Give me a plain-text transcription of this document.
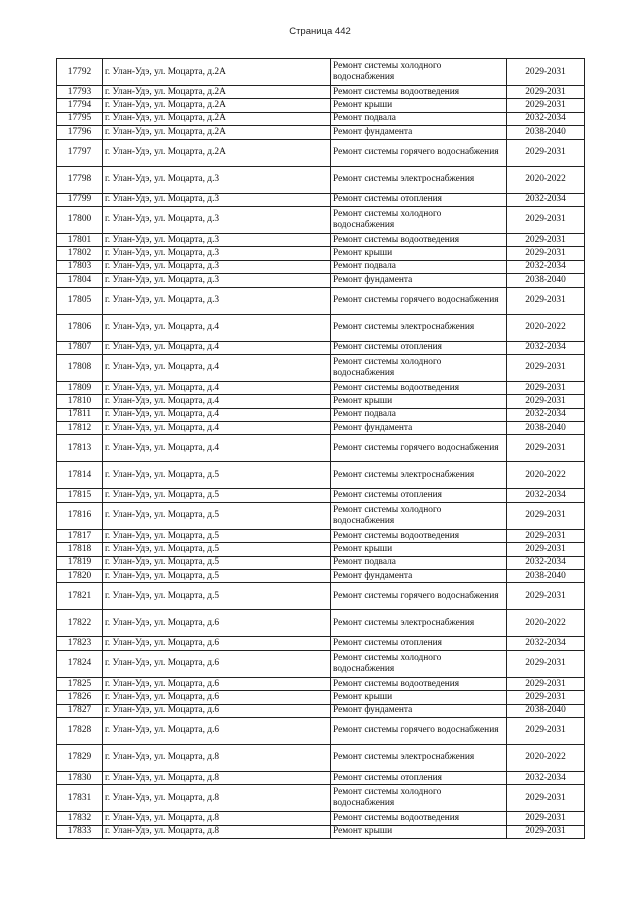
Страница 442
17792	г. Улан-Удэ, ул. Моцарта, д.2А	Ремонт системы холодного водоснабжения	2029-2031
17793	г. Улан-Удэ, ул. Моцарта, д.2А	Ремонт системы водоотведения	2029-2031
17794	г. Улан-Удэ, ул. Моцарта, д.2А	Ремонт крыши	2029-2031
17795	г. Улан-Удэ, ул. Моцарта, д.2А	Ремонт подвала	2032-2034
17796	г. Улан-Удэ, ул. Моцарта, д.2А	Ремонт фундамента	2038-2040
17797	г. Улан-Удэ, ул. Моцарта, д.2А	Ремонт системы горячего водоснабжения	2029-2031
17798	г. Улан-Удэ, ул. Моцарта, д.3	Ремонт системы электроснабжения	2020-2022
17799	г. Улан-Удэ, ул. Моцарта, д.3	Ремонт системы отопления	2032-2034
17800	г. Улан-Удэ, ул. Моцарта, д.3	Ремонт системы холодного водоснабжения	2029-2031
17801	г. Улан-Удэ, ул. Моцарта, д.3	Ремонт системы водоотведения	2029-2031
17802	г. Улан-Удэ, ул. Моцарта, д.3	Ремонт крыши	2029-2031
17803	г. Улан-Удэ, ул. Моцарта, д.3	Ремонт подвала	2032-2034
17804	г. Улан-Удэ, ул. Моцарта, д.3	Ремонт фундамента	2038-2040
17805	г. Улан-Удэ, ул. Моцарта, д.3	Ремонт системы горячего водоснабжения	2029-2031
17806	г. Улан-Удэ, ул. Моцарта, д.4	Ремонт системы электроснабжения	2020-2022
17807	г. Улан-Удэ, ул. Моцарта, д.4	Ремонт системы отопления	2032-2034
17808	г. Улан-Удэ, ул. Моцарта, д.4	Ремонт системы холодного водоснабжения	2029-2031
17809	г. Улан-Удэ, ул. Моцарта, д.4	Ремонт системы водоотведения	2029-2031
17810	г. Улан-Удэ, ул. Моцарта, д.4	Ремонт крыши	2029-2031
17811	г. Улан-Удэ, ул. Моцарта, д.4	Ремонт подвала	2032-2034
17812	г. Улан-Удэ, ул. Моцарта, д.4	Ремонт фундамента	2038-2040
17813	г. Улан-Удэ, ул. Моцарта, д.4	Ремонт системы горячего водоснабжения	2029-2031
17814	г. Улан-Удэ, ул. Моцарта, д.5	Ремонт системы электроснабжения	2020-2022
17815	г. Улан-Удэ, ул. Моцарта, д.5	Ремонт системы отопления	2032-2034
17816	г. Улан-Удэ, ул. Моцарта, д.5	Ремонт системы холодного водоснабжения	2029-2031
17817	г. Улан-Удэ, ул. Моцарта, д.5	Ремонт системы водоотведения	2029-2031
17818	г. Улан-Удэ, ул. Моцарта, д.5	Ремонт крыши	2029-2031
17819	г. Улан-Удэ, ул. Моцарта, д.5	Ремонт подвала	2032-2034
17820	г. Улан-Удэ, ул. Моцарта, д.5	Ремонт фундамента	2038-2040
17821	г. Улан-Удэ, ул. Моцарта, д.5	Ремонт системы горячего водоснабжения	2029-2031
17822	г. Улан-Удэ, ул. Моцарта, д.6	Ремонт системы электроснабжения	2020-2022
17823	г. Улан-Удэ, ул. Моцарта, д.6	Ремонт системы отопления	2032-2034
17824	г. Улан-Удэ, ул. Моцарта, д.6	Ремонт системы холодного водоснабжения	2029-2031
17825	г. Улан-Удэ, ул. Моцарта, д.6	Ремонт системы водоотведения	2029-2031
17826	г. Улан-Удэ, ул. Моцарта, д.6	Ремонт крыши	2029-2031
17827	г. Улан-Удэ, ул. Моцарта, д.6	Ремонт фундамента	2038-2040
17828	г. Улан-Удэ, ул. Моцарта, д.6	Ремонт системы горячего водоснабжения	2029-2031
17829	г. Улан-Удэ, ул. Моцарта, д.8	Ремонт системы электроснабжения	2020-2022
17830	г. Улан-Удэ, ул. Моцарта, д.8	Ремонт системы отопления	2032-2034
17831	г. Улан-Удэ, ул. Моцарта, д.8	Ремонт системы холодного водоснабжения	2029-2031
17832	г. Улан-Удэ, ул. Моцарта, д.8	Ремонт системы водоотведения	2029-2031
17833	г. Улан-Удэ, ул. Моцарта, д.8	Ремонт крыши	2029-2031
